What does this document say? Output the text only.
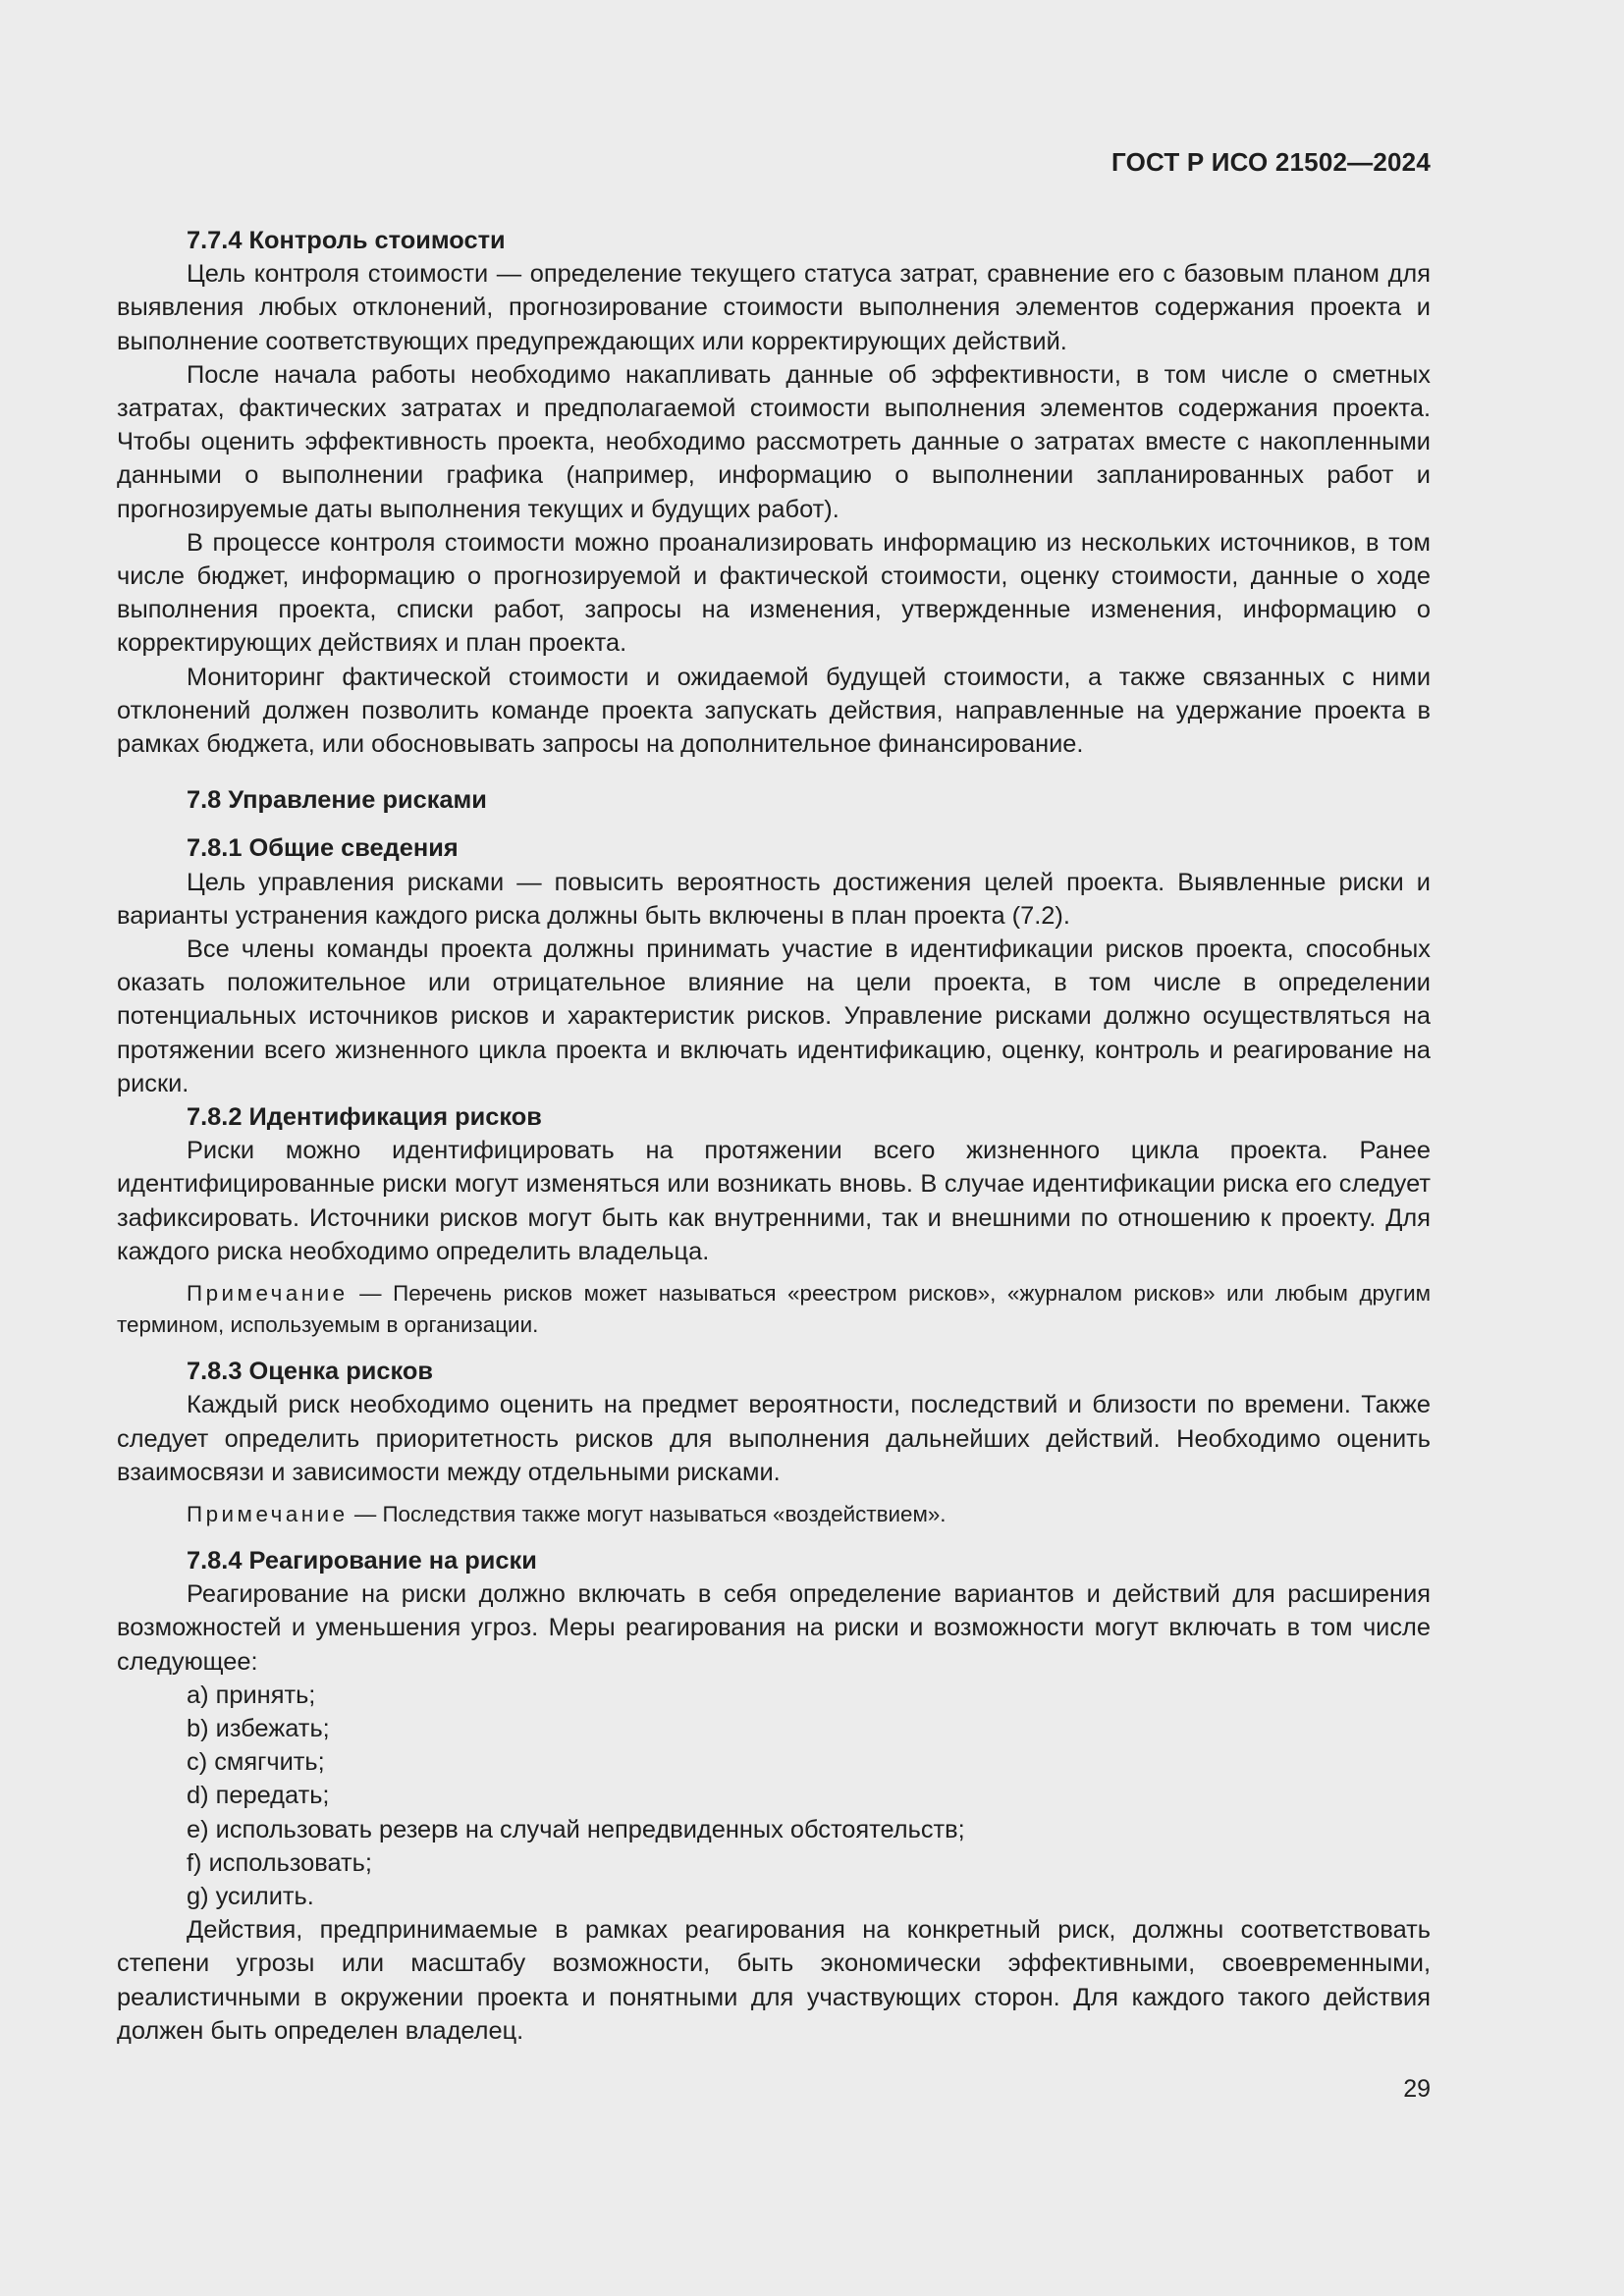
ГОСТ Р ИСО 21502—2024
7.7.4 Контроль стоимости

Цель контроля стоимости — определение текущего статуса затрат, сравнение его с базовым планом для выявления любых отклонений, прогнозирование стоимости выполнения элементов содержания проекта и выполнение соответствующих предупреждающих или корректирующих действий.

После начала работы необходимо накапливать данные об эффективности, в том числе о сметных затратах, фактических затратах и предполагаемой стоимости выполнения элементов содержания проекта. Чтобы оценить эффективность проекта, необходимо рассмотреть данные о затратах вместе с накопленными данными о выполнении графика (например, информацию о выполнении запланированных работ и прогнозируемые даты выполнения текущих и будущих работ).

В процессе контроля стоимости можно проанализировать информацию из нескольких источников, в том числе бюджет, информацию о прогнозируемой и фактической стоимости, оценку стоимости, данные о ходе выполнения проекта, списки работ, запросы на изменения, утвержденные изменения, информацию о корректирующих действиях и план проекта.

Мониторинг фактической стоимости и ожидаемой будущей стоимости, а также связанных с ними отклонений должен позволить команде проекта запускать действия, направленные на удержание проекта в рамках бюджета, или обосновывать запросы на дополнительное финансирование.

7.8 Управление рисками
7.8.1 Общие сведения

Цель управления рисками — повысить вероятность достижения целей проекта. Выявленные риски и варианты устранения каждого риска должны быть включены в план проекта (7.2).

Все члены команды проекта должны принимать участие в идентификации рисков проекта, способных оказать положительное или отрицательное влияние на цели проекта, в том числе в определении потенциальных источников рисков и характеристик рисков. Управление рисками должно осуществляться на протяжении всего жизненного цикла проекта и включать идентификацию, оценку, контроль и реагирование на риски.

7.8.2 Идентификация рисков

Риски можно идентифицировать на протяжении всего жизненного цикла проекта. Ранее идентифицированные риски могут изменяться или возникать вновь. В случае идентификации риска его следует зафиксировать. Источники рисков могут быть как внутренними, так и внешними по отношению к проекту. Для каждого риска необходимо определить владельца.

Примечание — Перечень рисков может называться «реестром рисков», «журналом рисков» или любым другим термином, используемым в организации.

7.8.3 Оценка рисков

Каждый риск необходимо оценить на предмет вероятности, последствий и близости по времени. Также следует определить приоритетность рисков для выполнения дальнейших действий. Необходимо оценить взаимосвязи и зависимости между отдельными рисками.

Примечание — Последствия также могут называться «воздействием».

7.8.4 Реагирование на риски

Реагирование на риски должно включать в себя определение вариантов и действий для расширения возможностей и уменьшения угроз. Меры реагирования на риски и возможности могут включать в том числе следующее:

а) принять;
b) избежать;
с) смягчить;
d) передать;
е) использовать резерв на случай непредвиденных обстоятельств;
f) использовать;
g) усилить.

Действия, предпринимаемые в рамках реагирования на конкретный риск, должны соответствовать степени угрозы или масштабу возможности, быть экономически эффективными, своевременными, реалистичными в окружении проекта и понятными для участвующих сторон. Для каждого такого действия должен быть определен владелец.

29
